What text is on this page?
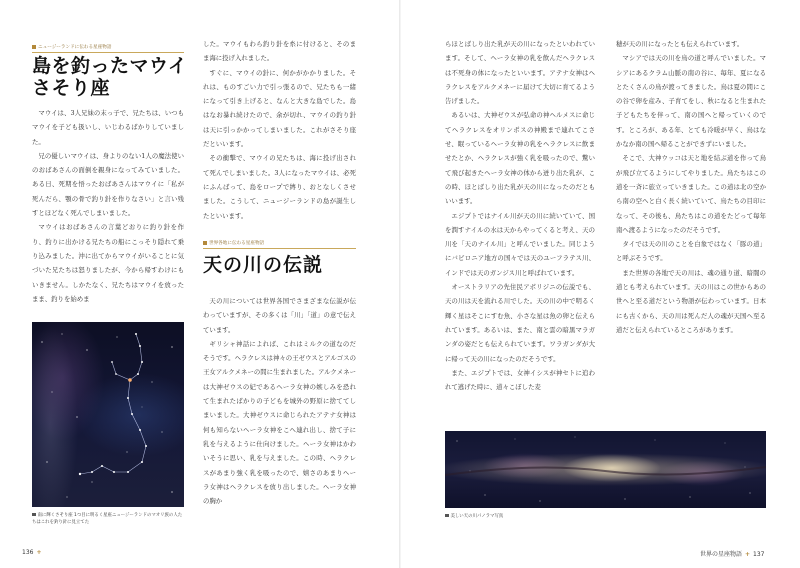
ニュージーランドに伝わる星座物語
島を釣ったマウイ
さそり座

マウイは、3人兄妹の末っ子で、兄たちは、いつもマウイを子ども扱いし、いじわるばかりしていました。

兄の優しいマウイは、身よりのない1人の魔法使いのおばあさんの面倒を親身になってみていました。ある日、死期を悟ったおばあさんはマウイに「私が死んだら、顎の骨で釣り針を作りなさい」と言い残すとほどなく死んでしまいました。

マウイはおばあさんの言葉どおりに釣り針を作り、釣りに出かける兄たちの船にこっそり隠れて乗り込みました。沖に出てからマウイがいることに気づいた兄たちは怒りましたが、今から帰すわけにもいきません。しかたなく、兄たちはマウイを放ったまま、釣りを始めま

南に輝くさそり座 1つ目に明るく星座ニュージーランドのマオリ族の人たちはこれを釣り針に見立てた

した。マウイもわら釣り針を糸に付けると、そのまま海に投げ入れました。

すぐに、マウイの針に、何かがかかりました。それは、ものすごい力で引っ張るので、兄たちも一緒になって引き上げると、なんと大きな島でした。島はなお暴れ続けたので、余が切れ、マウイの釣り針は天に引っかかってしまいました。これがさそり座だといいます。

その衝撃で、マウイの兄たちは、海に投げ出されて死んでしまいました。3人になったマウイは、必死にふんばって、島をロープで縛り、おとなしくさせました。こうして、ニュージーランドの島が誕生したといいます。

世界各地に伝わる星座物語
天の川の伝説

天の川については世界各国でさまざまな伝説が伝わっていますが、その多くは「川」「道」の意で伝えています。

ギリシャ神話によれば、これはミルクの道なのだそうです。ヘラクレスは神々の王ゼウスとアルゴスの王女アルクメネーの間に生まれました。アルクメネーは大神ゼウスの妃であるヘーラ女神の嫉しみを恐れて生まれたばかりの子どもを城外の野原に捨ててしまいました。大神ゼウスに命じられたアテナ女神は何も知らないヘーラ女神をこへ連れ出し、捨て子に乳を与えるように仕向けました。ヘーラ女神はかわいそうに思い、乳を与えました。この時、ヘラクレスがあまり強く乳を吸ったので、嬉さのあまりヘーラ女神はヘラクレスを放り出しました。ヘーラ女神の胸か

136 +

らほとばしり出た乳が天の川になったといわれています。そして、ヘーラ女神の乳を飲んだヘラクレスは不死身の体になったといいます。アテナ女神はヘラクレスをアルクメネーに届けて大切に育てるよう告げました。

あるいは、大神ゼウスが弘命の神ヘルメスに命じてヘラクレスをオリンポスの神殿まで連れてこさせ、眠っているヘーラ女神の乳をヘラクレスに飲ませたとか、ヘラクレスが強く乳を吸ったので、驚いて飛び起きたヘーラ女神の体から迸り出た乳が、この時、ほとばしり出た乳が天の川になったのだともいいます。

エジプトではナイル川が天の川に続いていて、国を潤すナイルの水は天からやってくると考え、天の川を「天のナイル川」と呼んでいました。同じようにバビロニア地方の国々では天のユーフラテス川、インドでは天のガンジス川と呼ばれています。

オーストラリアの先住民アボリジニの伝説でも、天の川は天を流れる川でした。天の川の中で明るく輝く星はそこにすむ魚、小さな星は魚の卵と伝えられています。あるいは、また、南と雲の暗黒マラガンダの姿だとも伝えられています。ワラガンダが大に帰って天の川になったのだそうです。

また、エジプトでは、女神イシスが神セトに追われて逃げた時に、道々こぼした麦

穂が天の川になったとも伝えられています。

マシアでは天の川を鳥の道と呼んでいました。マシアにあるクラム山脈の南の谷に、毎年、夏になるとたくさんの鳥が渡ってきました。鳥は夏の間にこの谷で卵を産み、子育てをし、秋になると生まれた子どもたちを伴って、南の国へと帰っていくのです。ところが、ある年、とても冷暖が早く、鳥はなかなか南の国へ帰ることができずにいました。

そこで、大神ウッコは天と地を結ぶ道を作って鳥が飛び立てるようにしてやりました。鳥たちはこの道を一斉に旅立っていきました。この道は北の空から南の空へと白く長く続いていて、鳥たちの目印になって、その後も、鳥たちはこの道をたどって毎年南へ渡るようになったのだそうです。

タイでは天の川のことを白象ではなく「豚の道」と呼ぶそうです。

また世界の各地で天の川は、魂の通り道、暗闇の道とも考えられています。天の川はこの世からあの世へと至る道だという物語が伝わっています。日本にも古くから、天の川は死んだ人の魂が天国へ至る道だと伝えられているところがあります。

美しい天の川パノラマ写真
世界の星座物語 + 137
